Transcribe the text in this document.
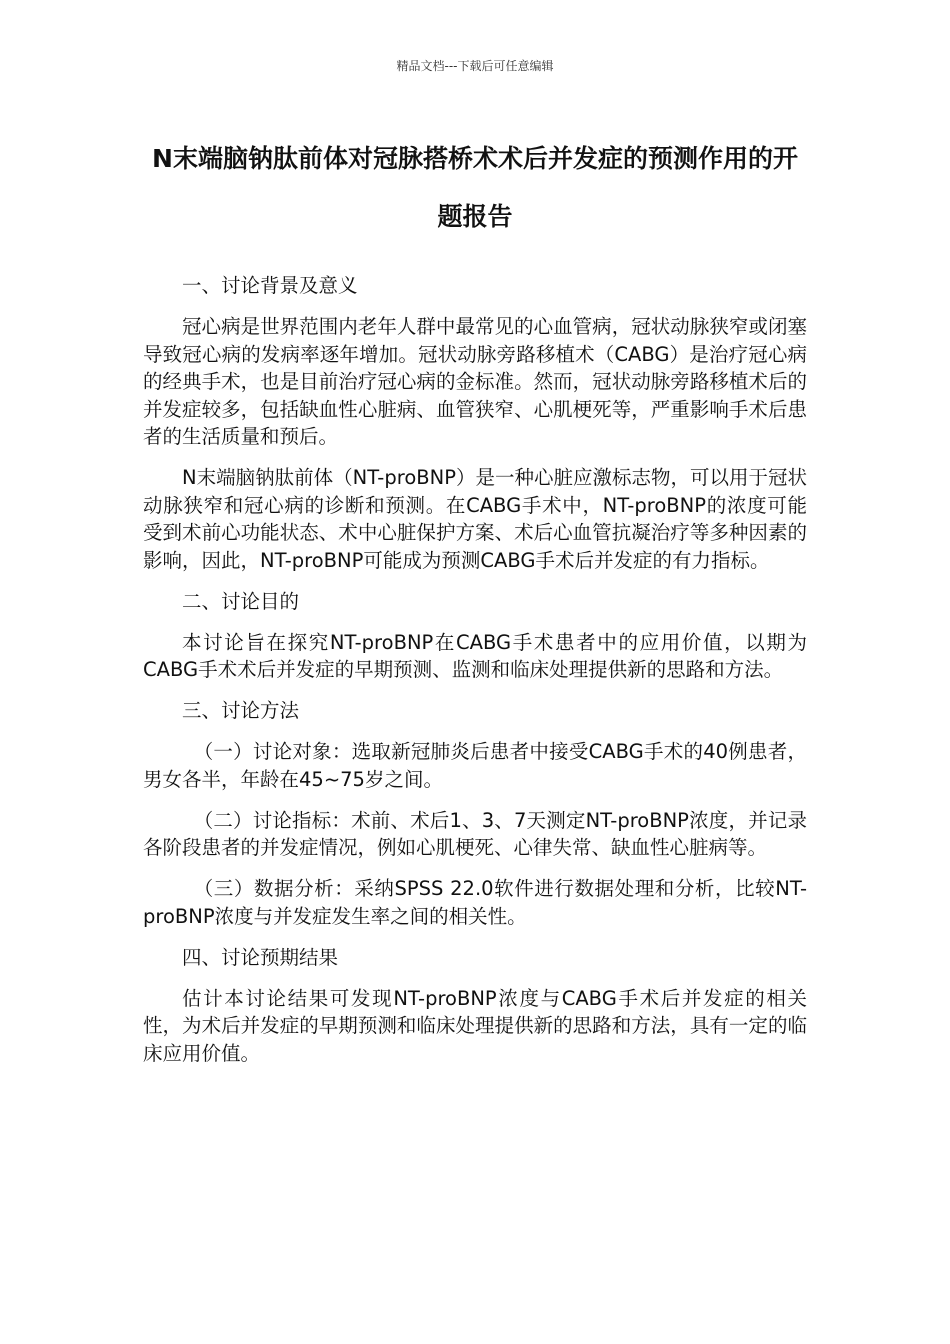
精品文档---下载后可任意编辑
N末端脑钠肽前体对冠脉搭桥术术后并发症的预测作用的开题报告

一、讨论背景及意义

冠心病是世界范围内老年人群中最常见的心血管病，冠状动脉狭窄或闭塞导致冠心病的发病率逐年增加。冠状动脉旁路移植术（CABG）是治疗冠心病的经典手术，也是目前治疗冠心病的金标准。然而，冠状动脉旁路移植术后的并发症较多，包括缺血性心脏病、血管狭窄、心肌梗死等，严重影响手术后患者的生活质量和预后。

N末端脑钠肽前体（NT-proBNP）是一种心脏应激标志物，可以用于冠状动脉狭窄和冠心病的诊断和预测。在CABG手术中，NT-proBNP的浓度可能受到术前心功能状态、术中心脏保护方案、术后心血管抗凝治疗等多种因素的影响，因此，NT-proBNP可能成为预测CABG手术后并发症的有力指标。

二、讨论目的

本讨论旨在探究NT-proBNP在CABG手术患者中的应用价值，以期为CABG手术术后并发症的早期预测、监测和临床处理提供新的思路和方法。

三、讨论方法

（一）讨论对象：选取新冠肺炎后患者中接受CABG手术的40例患者，男女各半，年龄在45~75岁之间。

（二）讨论指标：术前、术后1、3、7天测定NT-proBNP浓度，并记录各阶段患者的并发症情况，例如心肌梗死、心律失常、缺血性心脏病等。

（三）数据分析：采纳SPSS 22.0软件进行数据处理和分析，比较NT-proBNP浓度与并发症发生率之间的相关性。

四、讨论预期结果

估计本讨论结果可发现NT-proBNP浓度与CABG手术后并发症的相关性，为术后并发症的早期预测和临床处理提供新的思路和方法，具有一定的临床应用价值。
